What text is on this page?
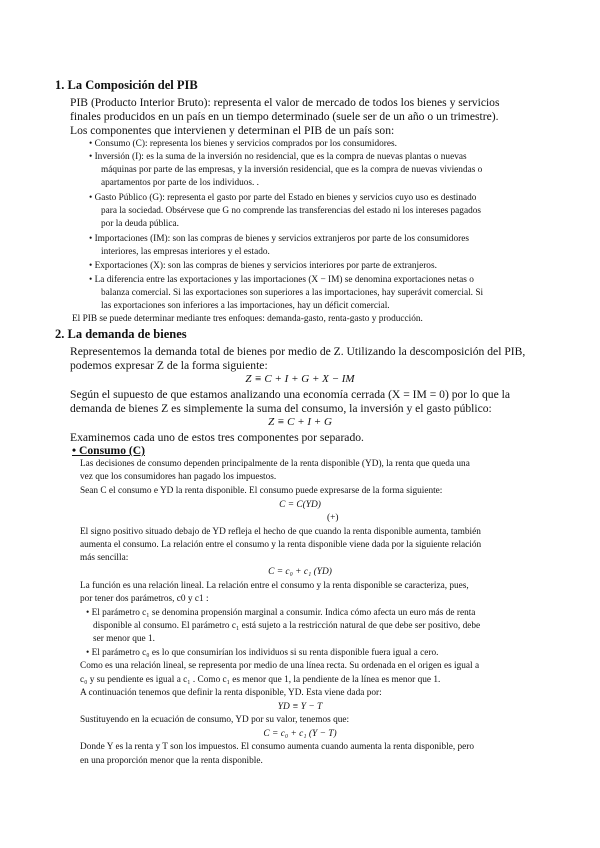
1. La Composición del PIB
PIB (Producto Interior Bruto): representa el valor de mercado de todos los bienes y servicios
finales producidos en un país en un tiempo determinado (suele ser de un año o un trimestre).
Los componentes que intervienen y determinan el PIB de un país son:
• Consumo (C): representa los bienes y servicios comprados por los consumidores.
• Inversión (I): es la suma de la inversión no residencial, que es la compra de nuevas plantas o nuevas
máquinas por parte de las empresas, y la inversión residencial, que es la compra de nuevas viviendas o
apartamentos por parte de los individuos. .
• Gasto Público (G): representa el gasto por parte del Estado en bienes y servicios cuyo uso es destinado
para la sociedad. Obsérvese que G no comprende las transferencias del estado ni los intereses pagados
por la deuda pública.
• Importaciones (IM): son las compras de bienes y servicios extranjeros por parte de los consumidores
interiores, las empresas interiores y el estado.
• Exportaciones (X): son las compras de bienes y servicios interiores por parte de extranjeros.
• La diferencia entre las exportaciones y las importaciones (X − IM) se denomina exportaciones netas o
balanza comercial. Si las exportaciones son superiores a las importaciones, hay superávit comercial. Si
las exportaciones son inferiores a las importaciones, hay un déficit comercial.
El PIB se puede determinar mediante tres enfoques: demanda-gasto, renta-gasto y producción.
2. La demanda de bienes
Representemos la demanda total de bienes por medio de Z. Utilizando la descomposición del PIB,
podemos expresar Z de la forma siguiente:
Z ≡ C + I + G + X − IM
Según el supuesto de que estamos analizando una economía cerrada (X = IM = 0) por lo que la
demanda de bienes Z es simplemente la suma del consumo, la inversión y el gasto público:
Z ≡ C + I + G
Examinemos cada uno de estos tres componentes por separado.
• Consumo (C)
Las decisiones de consumo dependen principalmente de la renta disponible (YD), la renta que queda una
vez que los consumidores han pagado los impuestos.
Sean C el consumo e YD la renta disponible. El consumo puede expresarse de la forma siguiente:
C = C(YD)
(+)
El signo positivo situado debajo de YD refleja el hecho de que cuando la renta disponible aumenta, también
aumenta el consumo. La relación entre el consumo y la renta disponible viene dada por la siguiente relación
más sencilla:
C = c₀ + c₁ (YD)
La función es una relación lineal. La relación entre el consumo y la renta disponible se caracteriza, pues,
por tener dos parámetros, c0 y c1 :
• El parámetro c₁ se denomina propensión marginal a consumir. Indica cómo afecta un euro más de renta
disponible al consumo. El parámetro c₁ está sujeto a la restricción natural de que debe ser positivo, debe
ser menor que 1.
• El parámetro c₀ es lo que consumirían los individuos si su renta disponible fuera igual a cero.
Como es una relación lineal, se representa por medio de una línea recta. Su ordenada en el origen es igual a
c₀ y su pendiente es igual a c₁ . Como c₁ es menor que 1, la pendiente de la línea es menor que 1.
A continuación tenemos que definir la renta disponible, YD. Esta viene dada por:
YD ≡ Y − T
Sustituyendo en la ecuación de consumo, YD por su valor, tenemos que:
C = c₀ + c₁ (Y − T)
Donde Y es la renta y T son los impuestos. El consumo aumenta cuando aumenta la renta disponible, pero
en una proporción menor que la renta disponible.
